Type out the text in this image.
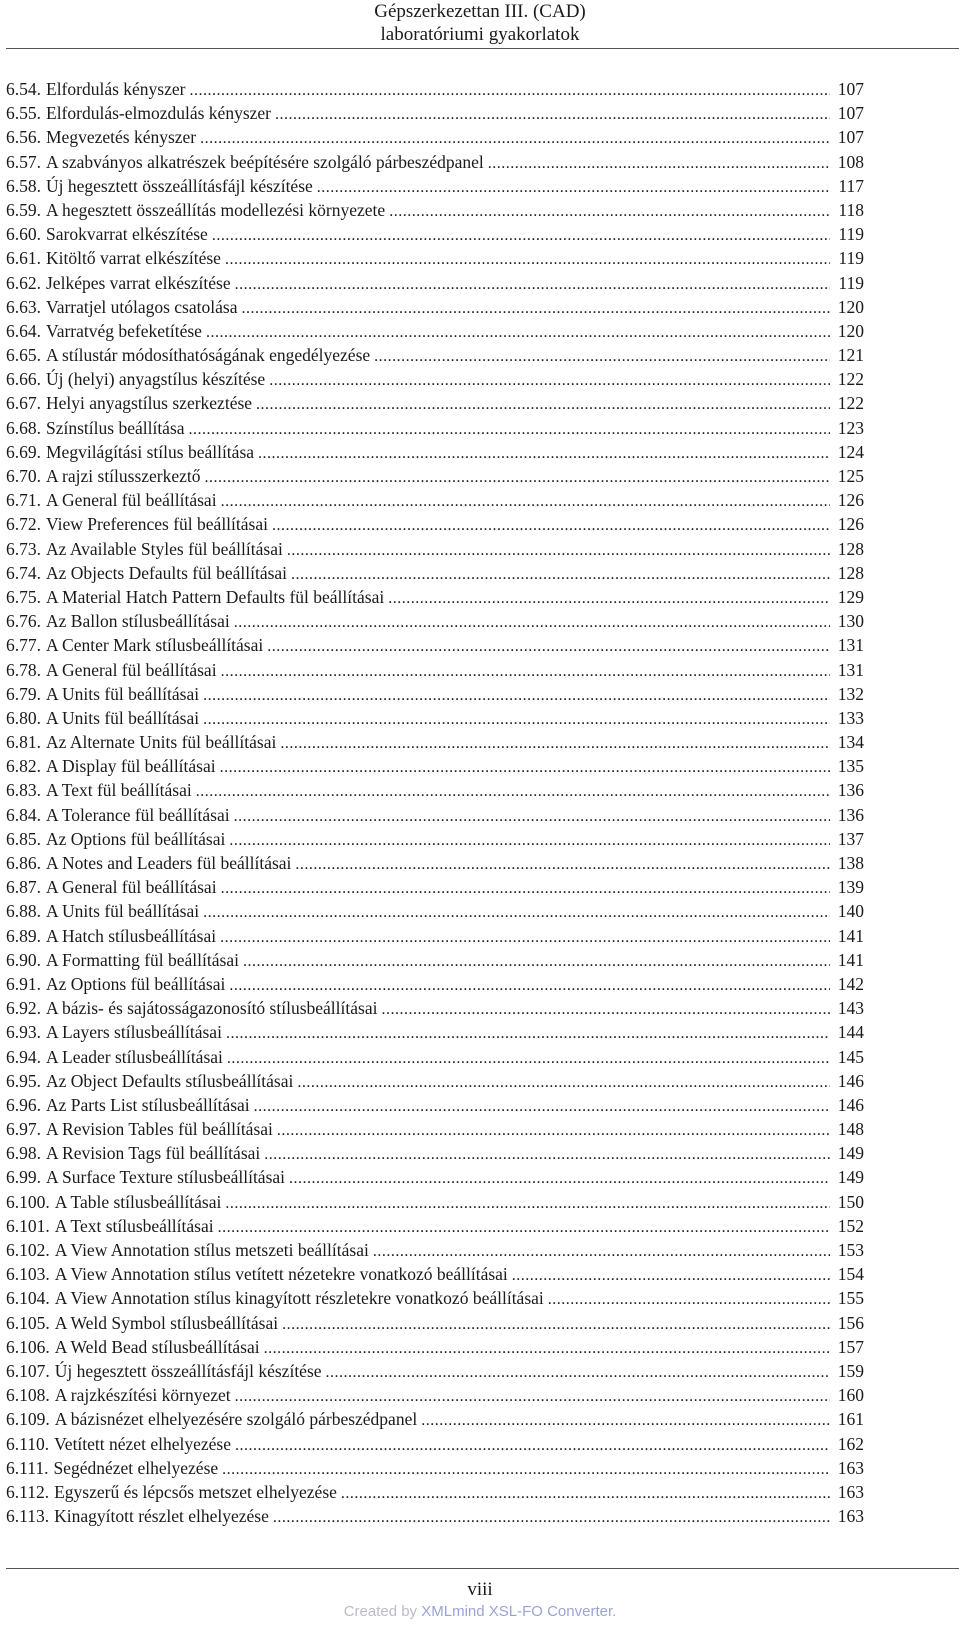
Gépszerkezettan III. (CAD)
laboratóriumi gyakorlatok
6.54. Elfordulás kényszer .....	107
6.55. Elfordulás-elmozdulás kényszer .....	107
6.56. Megvezetés kényszer .....	107
6.57. A szabványos alkatrészek beépítésére szolgáló párbeszédpanel .....	108
6.58. Új hegesztett összeállításfájl készítése .....	117
6.59. A hegesztett összeállítás modellezési környezete .....	118
6.60. Sarokvarrat elkészítése .....	119
6.61. Kitöltő varrat elkészítése .....	119
6.62. Jelképes varrat elkészítése .....	119
6.63. Varratjel utólagos csatolása .....	120
6.64. Varratvég befeketítése .....	120
6.65. A stílustár módosíthatóságának engedélyezése .....	121
6.66. Új (helyi) anyagstílus készítése .....	122
6.67. Helyi anyagstílus szerkeztése .....	122
6.68. Színstílus beállítása .....	123
6.69. Megvilágítási stílus beállítása .....	124
6.70. A rajzi stílusszerkeztő .....	125
6.71. A General fül beállításai .....	126
6.72. View Preferences fül beállításai .....	126
6.73. Az Available Styles fül beállításai .....	128
6.74. Az Objects Defaults fül beállításai .....	128
6.75. A Material Hatch Pattern Defaults fül beállításai .....	129
6.76. Az Ballon stílusbeállításai .....	130
6.77. A Center Mark stílusbeállításai .....	131
6.78. A General fül beállításai .....	131
6.79. A Units fül beállításai .....	132
6.80. A Units fül beállításai .....	133
6.81. Az Alternate Units fül beállításai .....	134
6.82. A Display fül beállításai .....	135
6.83. A Text fül beállításai .....	136
6.84. A Tolerance fül beállításai .....	136
6.85. Az Options fül beállításai .....	137
6.86. A Notes and Leaders fül beállításai .....	138
6.87. A General fül beállításai .....	139
6.88. A Units fül beállításai .....	140
6.89. A Hatch stílusbeállításai .....	141
6.90. A Formatting fül beállításai .....	141
6.91. Az Options fül beállításai .....	142
6.92. A bázis- és sajátosságazonosító stílusbeállításai .....	143
6.93. A Layers stílusbeállításai .....	144
6.94. A Leader stílusbeállításai .....	145
6.95. Az Object Defaults stílusbeállításai .....	146
6.96. Az Parts List stílusbeállításai .....	146
6.97. A Revision Tables fül beállításai .....	148
6.98. A Revision Tags fül beállításai .....	149
6.99. A Surface Texture stílusbeállításai .....	149
6.100. A Table stílusbeállításai .....	150
6.101. A Text stílusbeállításai .....	152
6.102. A View Annotation stílus metszeti beállításai .....	153
6.103. A View Annotation stílus vetített nézetekre vonatkozó beállításai .....	154
6.104. A View Annotation stílus kinagyított részletekre vonatkozó beállításai .....	155
6.105. A Weld Symbol stílusbeállításai .....	156
6.106. A Weld Bead stílusbeállításai .....	157
6.107. Új hegesztett összeállításfájl készítése .....	159
6.108. A rajzkészítési környezet .....	160
6.109. A bázisnézet elhelyezésére szolgáló párbeszédpanel .....	161
6.110. Vetített nézet elhelyezése .....	162
6.111. Segédnézet elhelyezése .....	163
6.112. Egyszerű és lépcsős metszet elhelyezése .....	163
6.113. Kinagyított részlet elhelyezése .....	163
viii
Created by XMLmind XSL-FO Converter.
